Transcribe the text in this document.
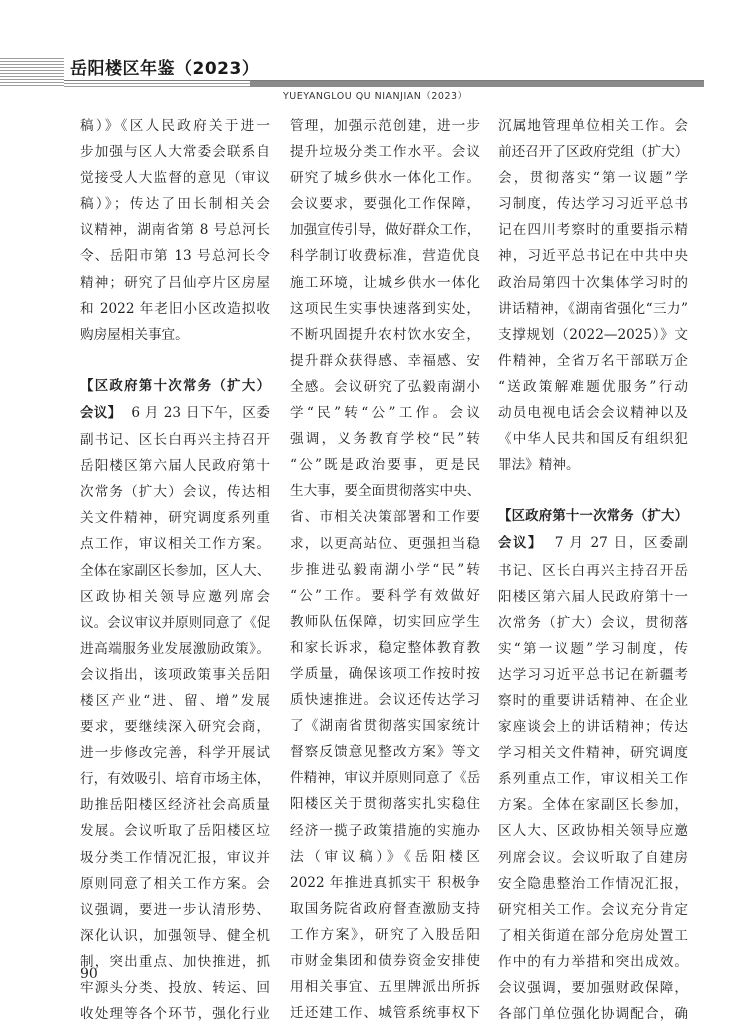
岳阳楼区年鉴（2023）
YUEYANGLOU QU NIANJIAN（2023）

稿）》《区人民政府关于进一

步加强与区人大常委会联系自

觉接受人大监督的意见（审议

稿）》；传达了田长制相关会

议精神，湖南省第 8 号总河长

令、岳阳市第 13 号总河长令

精神；研究了吕仙亭片区房屋

和 2022 年老旧小区改造拟收

购房屋相关事宜。

【区政府第十次常务（扩大）

会议】 6 月 23 日下午，区委

副书记、区长白再兴主持召开

岳阳楼区第六届人民政府第十

次常务（扩大）会议，传达相

关文件精神，研究调度系列重

点工作，审议相关工作方案。

全体在家副区长参加，区人大、

区政协相关领导应邀列席会

议。会议审议并原则同意了《促

进高端服务业发展激励政策》。

会议指出，该项政策事关岳阳

楼区产业“进、留、增”发展

要求，要继续深入研究会商，

进一步修改完善，科学开展试

行，有效吸引、培育市场主体，

助推岳阳楼区经济社会高质量

发展。会议听取了岳阳楼区垃

圾分类工作情况汇报，审议并

原则同意了相关工作方案。会

议强调，要进一步认清形势、

深化认识，加强领导、健全机

制，突出重点、加快推进，抓

牢源头分类、投放、转运、回

收处理等各个环节，强化行业

管理，加强示范创建，进一步

提升垃圾分类工作水平。会议

研究了城乡供水一体化工作。

会议要求，要强化工作保障，

加强宣传引导，做好群众工作，

科学制订收费标准，营造优良

施工环境，让城乡供水一体化

这项民生实事快速落到实处，

不断巩固提升农村饮水安全，

提升群众获得感、幸福感、安

全感。会议研究了弘毅南湖小

学“民”转“公”工作。会议

强调，义务教育学校“民”转

“公”既是政治要事，更是民

生大事，要全面贯彻落实中央、

省、市相关决策部署和工作要

求，以更高站位、更强担当稳

步推进弘毅南湖小学“民”转

“公”工作。要科学有效做好

教师队伍保障，切实回应学生

和家长诉求，稳定整体教育教

学质量，确保该项工作按时按

质快速推进。会议还传达学习

了《湖南省贯彻落实国家统计

督察反馈意见整改方案》等文

件精神，审议并原则同意了《岳

阳楼区关于贯彻落实扎实稳住

经济一揽子政策措施的实施办

法（审议稿）》《岳阳楼区

2022 年推进真抓实干 积极争

取国务院省政府督查激励支持

工作方案》，研究了入股岳阳

市财金集团和债券资金安排使

用相关事宜、五里牌派出所拆

迁还建工作、城管系统事权下

沉属地管理单位相关工作。会

前还召开了区政府党组（扩大）

会，贯彻落实“第一议题”学

习制度，传达学习习近平总书

记在四川考察时的重要指示精

神，习近平总书记在中共中央

政治局第四十次集体学习时的

讲话精神，《湖南省强化“三力”

支撑规划（2022—2025）》文

件精神，全省万名干部联万企

“送政策解难题优服务”行动

动员电视电话会会议精神以及

《中华人民共和国反有组织犯

罪法》精神。

【区政府第十一次常务（扩大）

会议】 7 月 27 日，区委副

书记、区长白再兴主持召开岳

阳楼区第六届人民政府第十一

次常务（扩大）会议，贯彻落

实“第一议题”学习制度，传

达学习习近平总书记在新疆考

察时的重要讲话精神、在企业

家座谈会上的讲话精神；传达

学习相关文件精神，研究调度

系列重点工作，审议相关工作

方案。全体在家副区长参加，

区人大、区政协相关领导应邀

列席会议。会议听取了自建房

安全隐患整治工作情况汇报，

研究相关工作。会议充分肯定

了相关街道在部分危房处置工

作中的有力举措和突出成效。

会议强调，要加强财政保障，

各部门单位强化协调配合，确

90
